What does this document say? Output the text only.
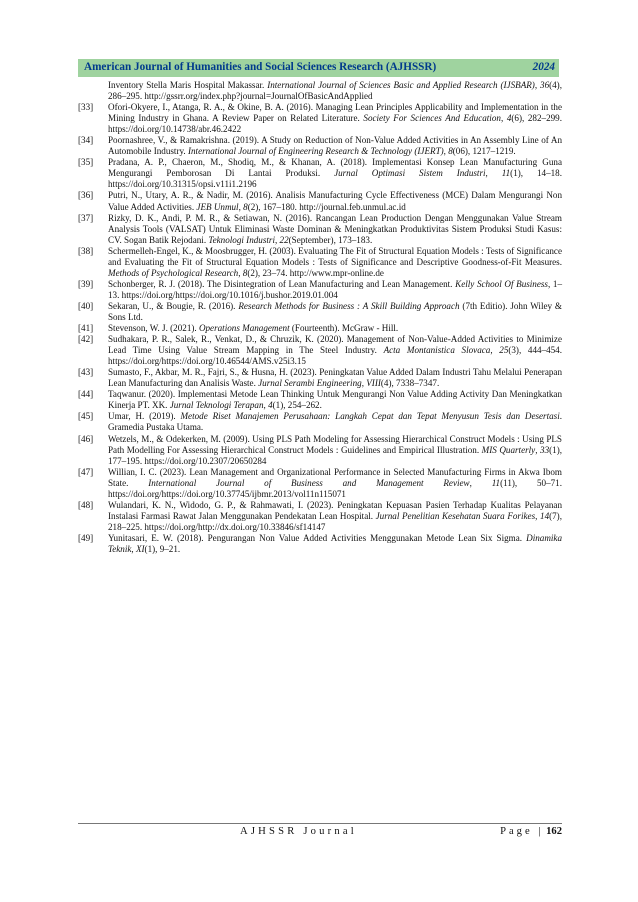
American Journal of Humanities and Social Sciences Research (AJHSSR)	2024
Inventory Stella Maris Hospital Makassar. International Journal of Sciences Basic and Applied Research (IJSBAR), 36(4), 286–295. http://gssrr.org/index.php?journal=JournalOfBasicAndApplied
[33]	Ofori-Okyere, I., Atanga, R. A., & Okine, B. A. (2016). Managing Lean Principles Applicability and Implementation in the Mining Industry in Ghana. A Review Paper on Related Literature. Society For Sciences And Education, 4(6), 282–299. https://doi.org/10.14738/abr.46.2422
[34]	Poornashree, V., & Ramakrishna. (2019). A Study on Reduction of Non-Value Added Activities in An Assembly Line of An Automobile Industry. International Journal of Engineering Research & Technology (IJERT), 8(06), 1217–1219.
[35]	Pradana, A. P., Chaeron, M., Shodiq, M., & Khanan, A. (2018). Implementasi Konsep Lean Manufacturing Guna Mengurangi Pemborosan Di Lantai Produksi. Jurnal Optimasi Sistem Industri, 11(1), 14–18. https://doi.org/10.31315/opsi.v11i1.2196
[36]	Putri, N., Utary, A. R., & Nadir, M. (2016). Analisis Manufacturing Cycle Effectiveness (MCE) Dalam Mengurangi Non Value Added Activities. JEB Unmul, 8(2), 167–180. http://journal.feb.unmul.ac.id
[37]	Rizky, D. K., Andi, P. M. R., & Setiawan, N. (2016). Rancangan Lean Production Dengan Menggunakan Value Stream Analysis Tools (VALSAT) Untuk Eliminasi Waste Dominan & Meningkatkan Produktivitas Sistem Produksi Studi Kasus: CV. Sogan Batik Rejodani. Teknologi Industri, 22(September), 173–183.
[38]	Schermelleh-Engel, K., & Moosbrugger, H. (2003). Evaluating The Fit of Structural Equation Models : Tests of Significance and Evaluating the Fit of Structural Equation Models : Tests of Significance and Descriptive Goodness-of-Fit Measures. Methods of Psychological Research, 8(2), 23–74. http://www.mpr-online.de
[39]	Schonberger, R. J. (2018). The Disintegration of Lean Manufacturing and Lean Management. Kelly School Of Business, 1–13. https://doi.org/https://doi.org/10.1016/j.bushor.2019.01.004
[40]	Sekaran, U., & Bougie, R. (2016). Research Methods for Business : A Skill Building Approach (7th Editio). John Wiley & Sons Ltd.
[41]	Stevenson, W. J. (2021). Operations Management (Fourteenth). McGraw - Hill.
[42]	Sudhakara, P. R., Salek, R., Venkat, D., & Chruzik, K. (2020). Management of Non-Value-Added Activities to Minimize Lead Time Using Value Stream Mapping in The Steel Industry. Acta Montanistica Slovaca, 25(3), 444–454. https://doi.org/https://doi.org/10.46544/AMS.v25i3.15
[43]	Sumasto, F., Akbar, M. R., Fajri, S., & Husna, H. (2023). Peningkatan Value Added Dalam Industri Tahu Melalui Penerapan Lean Manufacturing dan Analisis Waste. Jurnal Serambi Engineering, VIII(4), 7338–7347.
[44]	Taqwanur. (2020). Implementasi Metode Lean Thinking Untuk Mengurangi Non Value Adding Activity Dan Meningkatkan Kinerja PT. XK. Jurnal Teknologi Terapan, 4(1), 254–262.
[45]	Umar, H. (2019). Metode Riset Manajemen Perusahaan: Langkah Cepat dan Tepat Menyusun Tesis dan Desertasi. Gramedia Pustaka Utama.
[46]	Wetzels, M., & Odekerken, M. (2009). Using PLS Path Modeling for Assessing Hierarchical Construct Models : Using PLS Path Modelling For Assessing Hierarchical Construct Models : Guidelines and Empirical Illustration. MIS Quarterly, 33(1), 177–195. https://doi.org/10.2307/20650284
[47]	Willian, I. C. (2023). Lean Management and Organizational Performance in Selected Manufacturing Firms in Akwa Ibom State. International Journal of Business and Management Review, 11(11), 50–71. https://doi.org/https://doi.org/10.37745/ijbmr.2013/vol11n115071
[48]	Wulandari, K. N., Widodo, G. P., & Rahmawati, I. (2023). Peningkatan Kepuasan Pasien Terhadap Kualitas Pelayanan Instalasi Farmasi Rawat Jalan Menggunakan Pendekatan Lean Hospital. Jurnal Penelitian Kesehatan Suara Forikes, 14(7), 218–225. https://doi.org/http://dx.doi.org/10.33846/sf14147
[49]	Yunitasari, E. W. (2018). Pengurangan Non Value Added Activities Menggunakan Metode Lean Six Sigma. Dinamika Teknik, XI(1), 9–21.
AJHSSR Journal	Page | 162
